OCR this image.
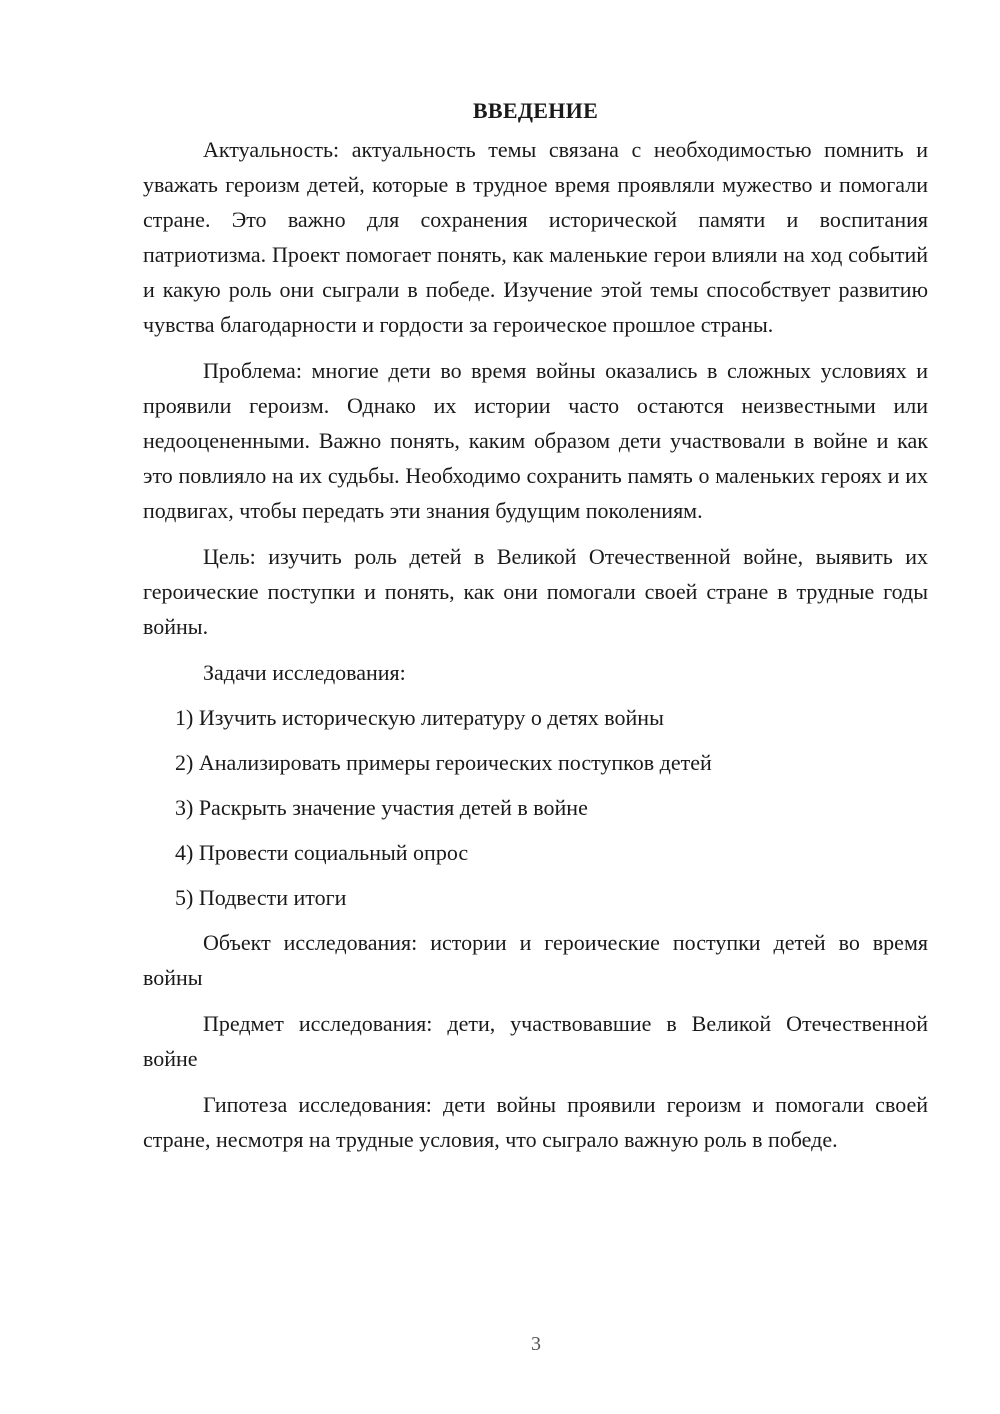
ВВЕДЕНИЕ

Актуальность: актуальность темы связана с необходимостью помнить и уважать героизм детей, которые в трудное время проявляли мужество и помогали стране. Это важно для сохранения исторической памяти и воспитания патриотизма. Проект помогает понять, как маленькие герои влияли на ход событий и какую роль они сыграли в победе. Изучение этой темы способствует развитию чувства благодарности и гордости за героическое прошлое страны.

Проблема: многие дети во время войны оказались в сложных условиях и проявили героизм. Однако их истории часто остаются неизвестными или недооцененными. Важно понять, каким образом дети участвовали в войне и как это повлияло на их судьбы. Необходимо сохранить память о маленьких героях и их подвигах, чтобы передать эти знания будущим поколениям.

Цель: изучить роль детей в Великой Отечественной войне, выявить их героические поступки и понять, как они помогали своей стране в трудные годы войны.

Задачи исследования:

1) Изучить историческую литературу о детях войны
2) Анализировать примеры героических поступков детей
3) Раскрыть значение участия детей в войне
4) Провести социальный опрос
5) Подвести итоги

Объект исследования: истории и героические поступки детей во время войны

Предмет исследования: дети, участвовавшие в Великой Отечественной войне

Гипотеза исследования: дети войны проявили героизм и помогали своей стране, несмотря на трудные условия, что сыграло важную роль в победе.

3
